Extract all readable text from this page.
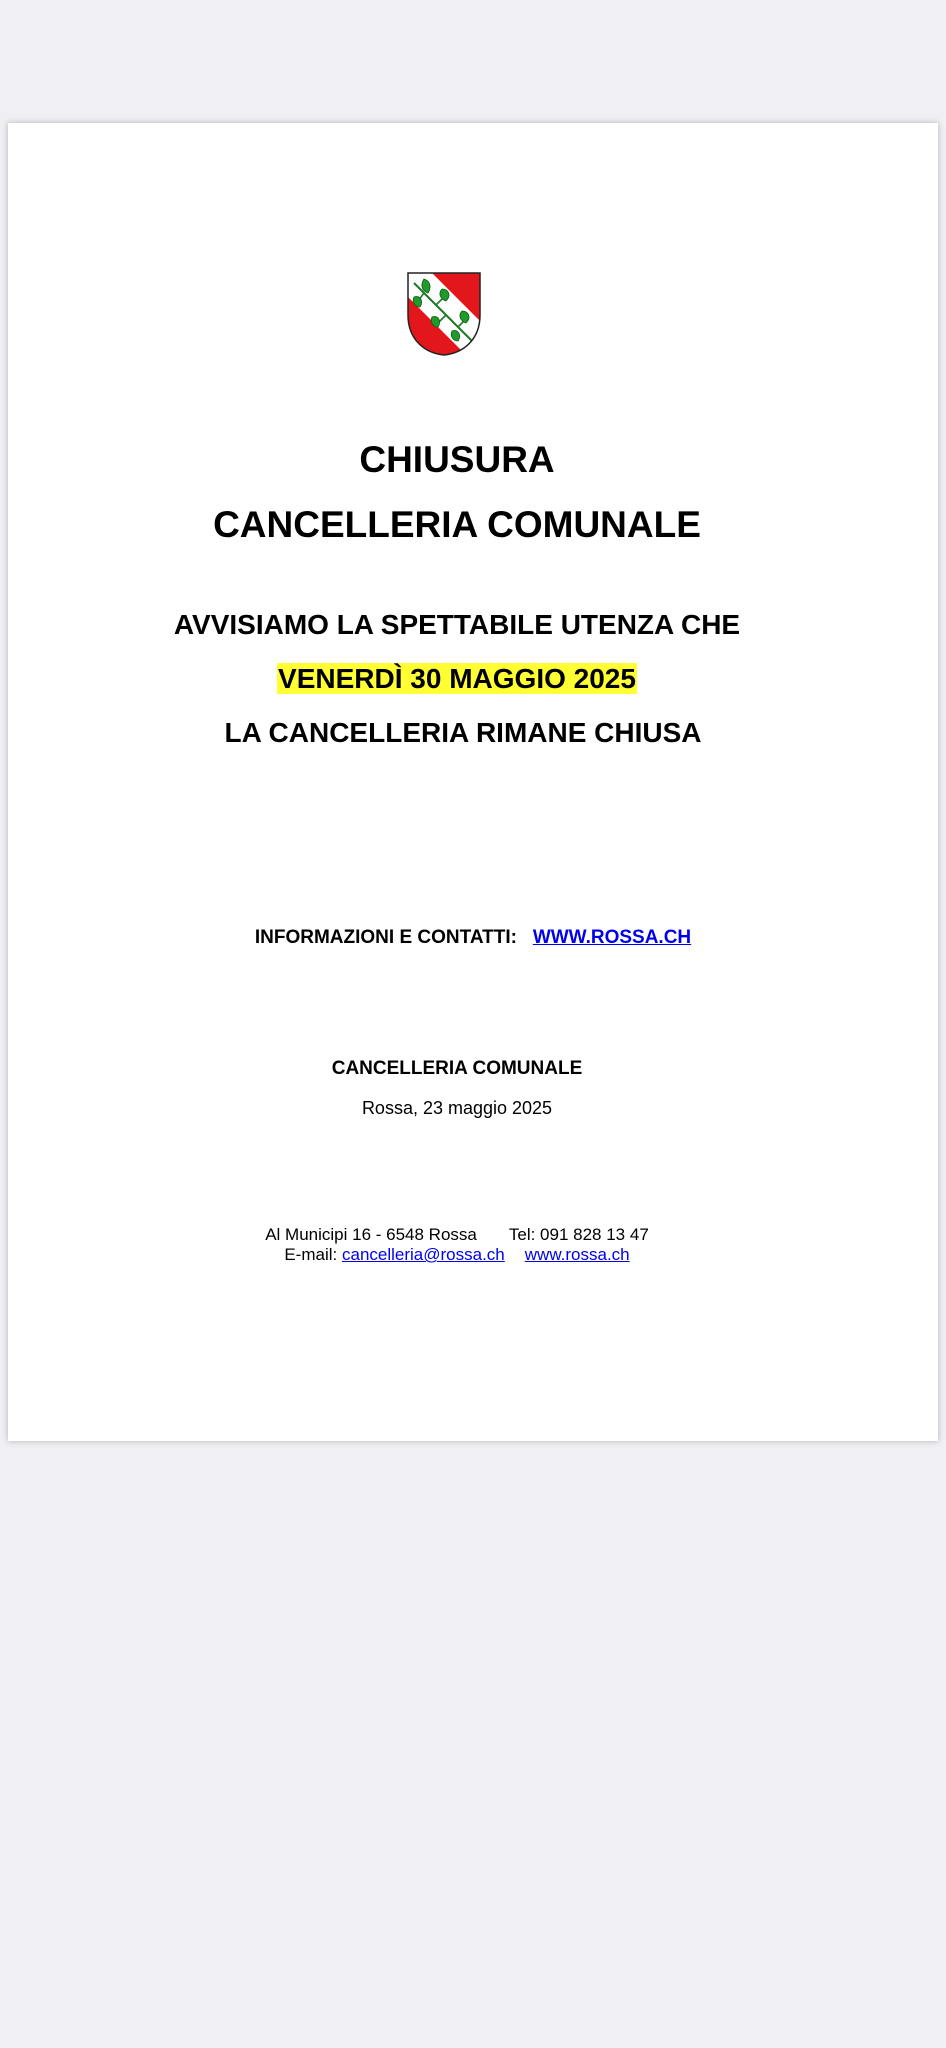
CHIUSURA
CANCELLERIA COMUNALE
AVVISIAMO LA SPETTABILE UTENZA CHE
VENERDÌ 30 MAGGIO 2025
LA CANCELLERIA RIMANE CHIUSA
INFORMAZIONI E CONTATTI: WWW.ROSSA.CH
CANCELLERIA COMUNALE
Rossa, 23 maggio 2025
Al Municipi 16 - 6548 Rossa Tel: 091 828 13 47
E-mail: cancelleria@rossa.ch www.rossa.ch
